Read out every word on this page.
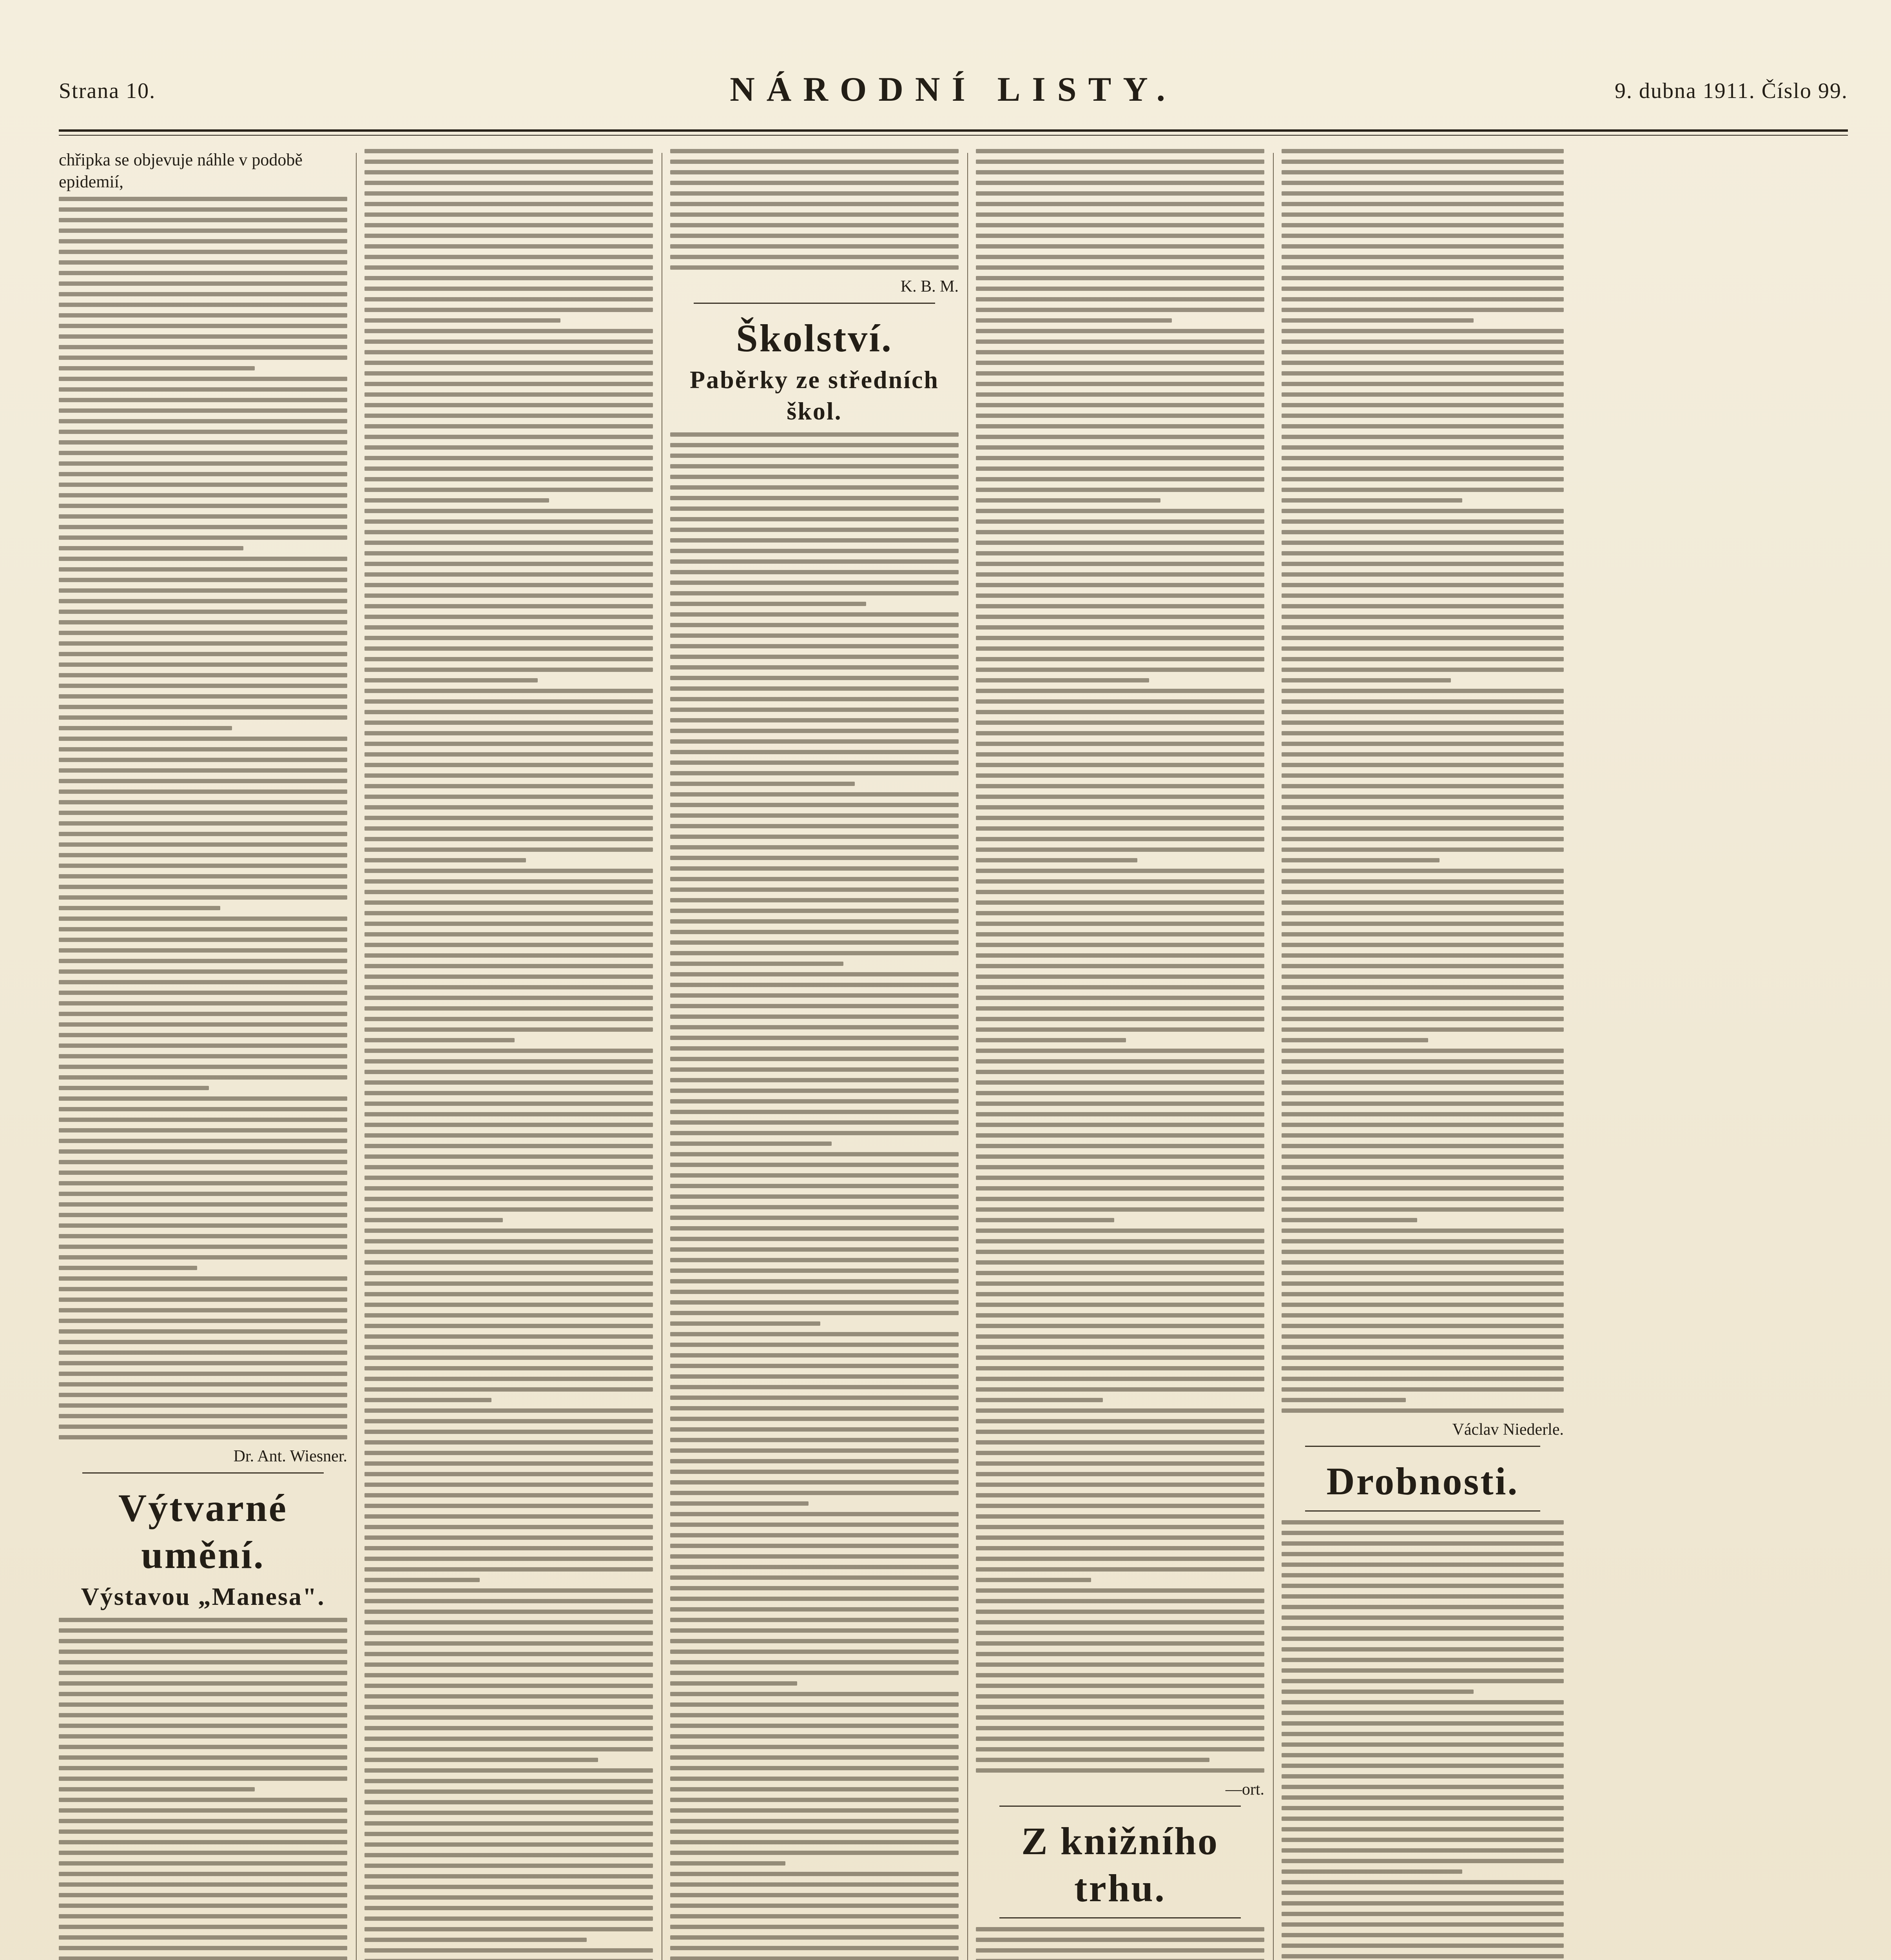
Strana 10.	NÁRODNÍ LISTY.	9. dubna 1911. Číslo 99.
chřipka se objevuje náhle v podobě epidemií,
Dr. Ant. Wiesner.
Výtvarné umění.
Výstavou „Manesa".
K. B. M.
Školství.
Paběrky ze středních škol.
—ort.
Z knižního trhu.
Václav Niederle.
Drobnosti.
